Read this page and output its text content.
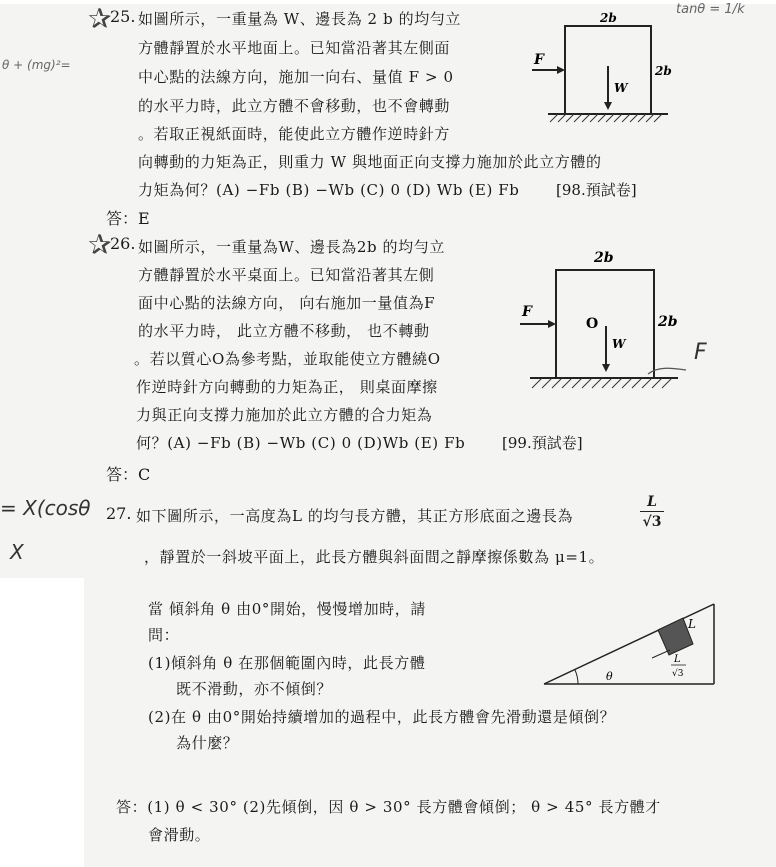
✰
25. 如圖所示，一重量為 W、邊長為 2 b 的均勻立
方體靜置於水平地面上。已知當沿著其左側面
中心點的法線方向，施加一向右、量值 F > 0
的水平力時，此立方體不會移動，也不會轉動
。若取正視紙面時，能使此立方體作逆時針方
向轉動的力矩為正，則重力 W 與地面正向支撐力施加於此立方體的
力矩為何？(A) −Fb (B) −Wb (C) 0 (D) Wb (E) Fb [98.預試卷]
答：E
F
W
2b
2b
✰
26. 如圖所示，一重量為W、邊長為2b 的均勻立
方體靜置於水平桌面上。已知當沿著其左側
面中心點的法線方向， 向右施加一量值為F
的水平力時， 此立方體不移動， 也不轉動
。若以質心O為參考點，並取能使立方體繞O
作逆時針方向轉動的力矩為正， 則桌面摩擦
力與正向支撐力施加於此立方體的合力矩為
何？(A) −Fb (B) −Wb (C) 0 (D)Wb (E) Fb [99.預試卷]
答：C
F
O
W
2b
2b
27. 如下圖所示，一高度為L 的均勻長方體，其正方形底面之邊長為	$\frac{L}{√3}$
，靜置於一斜坡平面上，此長方體與斜面間之靜摩擦係數為 μ=1。
當 傾斜角 θ 由0°開始，慢慢增加時，請
問：
(1)傾斜角 θ 在那個範圍內時，此長方體
既不滑動，亦不傾倒？
(2)在 θ 由0°開始持續增加的過程中，此長方體會先滑動還是傾倒？
為什麼？
答：(1) θ < 30° (2)先傾倒，因 θ > 30° 長方體會傾倒； θ > 45° 長方體才
會滑動。
θ
L
L
√3
tanθ = 1/k
θ + (mg)²=
= X(cosθ
X
F
